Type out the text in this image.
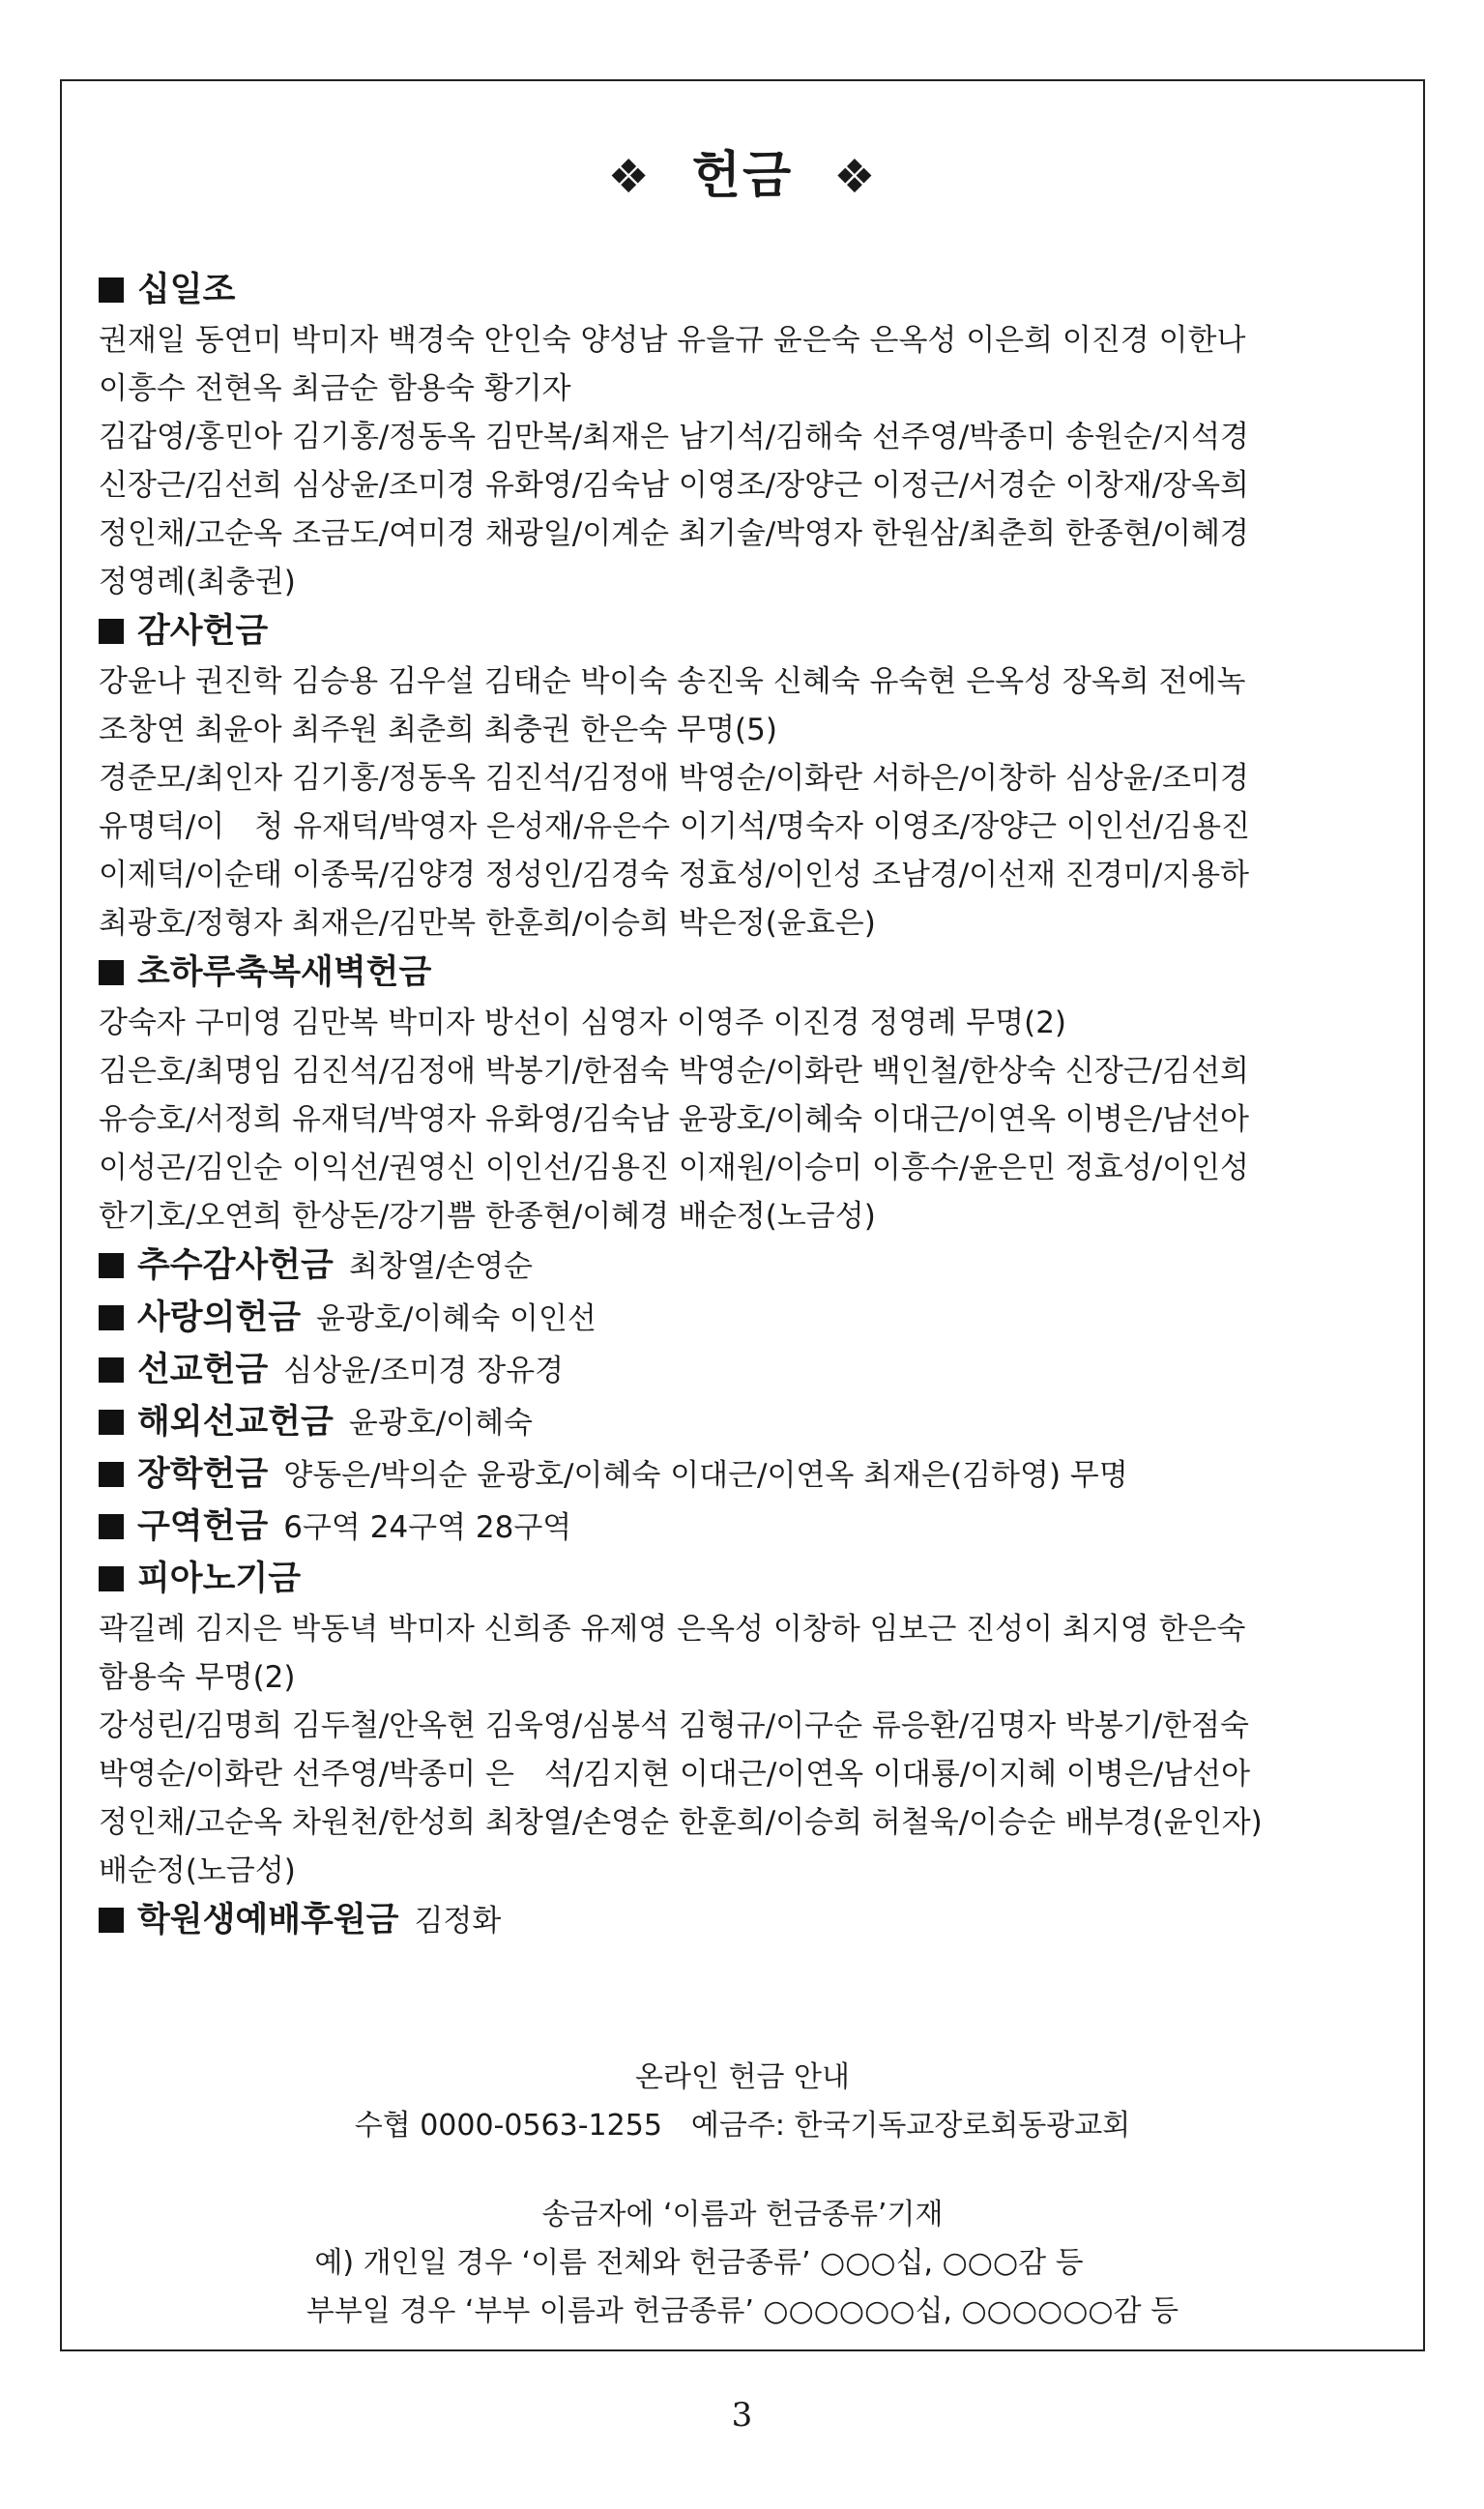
❖ 헌금 ❖
십일조
권재일 동연미 박미자 백경숙 안인숙 양성남 유을규 윤은숙 은옥성 이은희 이진경 이한나
이흥수 전현옥 최금순 함용숙 황기자
김갑영/홍민아 김기홍/정동옥 김만복/최재은 남기석/김해숙 선주영/박종미 송원순/지석경
신장근/김선희 심상윤/조미경 유화영/김숙남 이영조/장양근 이정근/서경순 이창재/장옥희
정인채/고순옥 조금도/여미경 채광일/이계순 최기술/박영자 한원삼/최춘희 한종현/이혜경
정영례(최충권)
감사헌금
강윤나 권진학 김승용 김우설 김태순 박이숙 송진욱 신혜숙 유숙현 은옥성 장옥희 전에녹
조창연 최윤아 최주원 최춘희 최충권 한은숙 무명(5)
경준모/최인자 김기홍/정동옥 김진석/김정애 박영순/이화란 서하은/이창하 심상윤/조미경
유명덕/이　청 유재덕/박영자 은성재/유은수 이기석/명숙자 이영조/장양근 이인선/김용진
이제덕/이순태 이종묵/김양경 정성인/김경숙 정효성/이인성 조남경/이선재 진경미/지용하
최광호/정형자 최재은/김만복 한훈희/이승희 박은정(윤효은)
초하루축복새벽헌금
강숙자 구미영 김만복 박미자 방선이 심영자 이영주 이진경 정영례 무명(2)
김은호/최명임 김진석/김정애 박봉기/한점숙 박영순/이화란 백인철/한상숙 신장근/김선희
유승호/서정희 유재덕/박영자 유화영/김숙남 윤광호/이혜숙 이대근/이연옥 이병은/남선아
이성곤/김인순 이익선/권영신 이인선/김용진 이재원/이승미 이흥수/윤은민 정효성/이인성
한기호/오연희 한상돈/강기쁨 한종현/이혜경 배순정(노금성)
추수감사헌금 최창열/손영순
사랑의헌금 윤광호/이혜숙 이인선
선교헌금 심상윤/조미경 장유경
해외선교헌금 윤광호/이혜숙
장학헌금 양동은/박의순 윤광호/이혜숙 이대근/이연옥 최재은(김하영) 무명
구역헌금 6구역 24구역 28구역
피아노기금
곽길례 김지은 박동녁 박미자 신희종 유제영 은옥성 이창하 임보근 진성이 최지영 한은숙
함용숙 무명(2)
강성린/김명희 김두철/안옥현 김욱영/심봉석 김형규/이구순 류응환/김명자 박봉기/한점숙
박영순/이화란 선주영/박종미 은　석/김지현 이대근/이연옥 이대룡/이지혜 이병은/남선아
정인채/고순옥 차원천/한성희 최창열/손영순 한훈희/이승희 허철욱/이승순 배부경(윤인자)
배순정(노금성)
학원생예배후원금 김정화
온라인 헌금 안내
수협 0000-0563-1255　예금주: 한국기독교장로회동광교회
송금자에 ‘이름과 헌금종류’기재
예) 개인일 경우 ‘이름 전체와 헌금종류’ ○○○십, ○○○감 등
부부일 경우 ‘부부 이름과 헌금종류’ ○○○○○○십, ○○○○○○감 등
3
